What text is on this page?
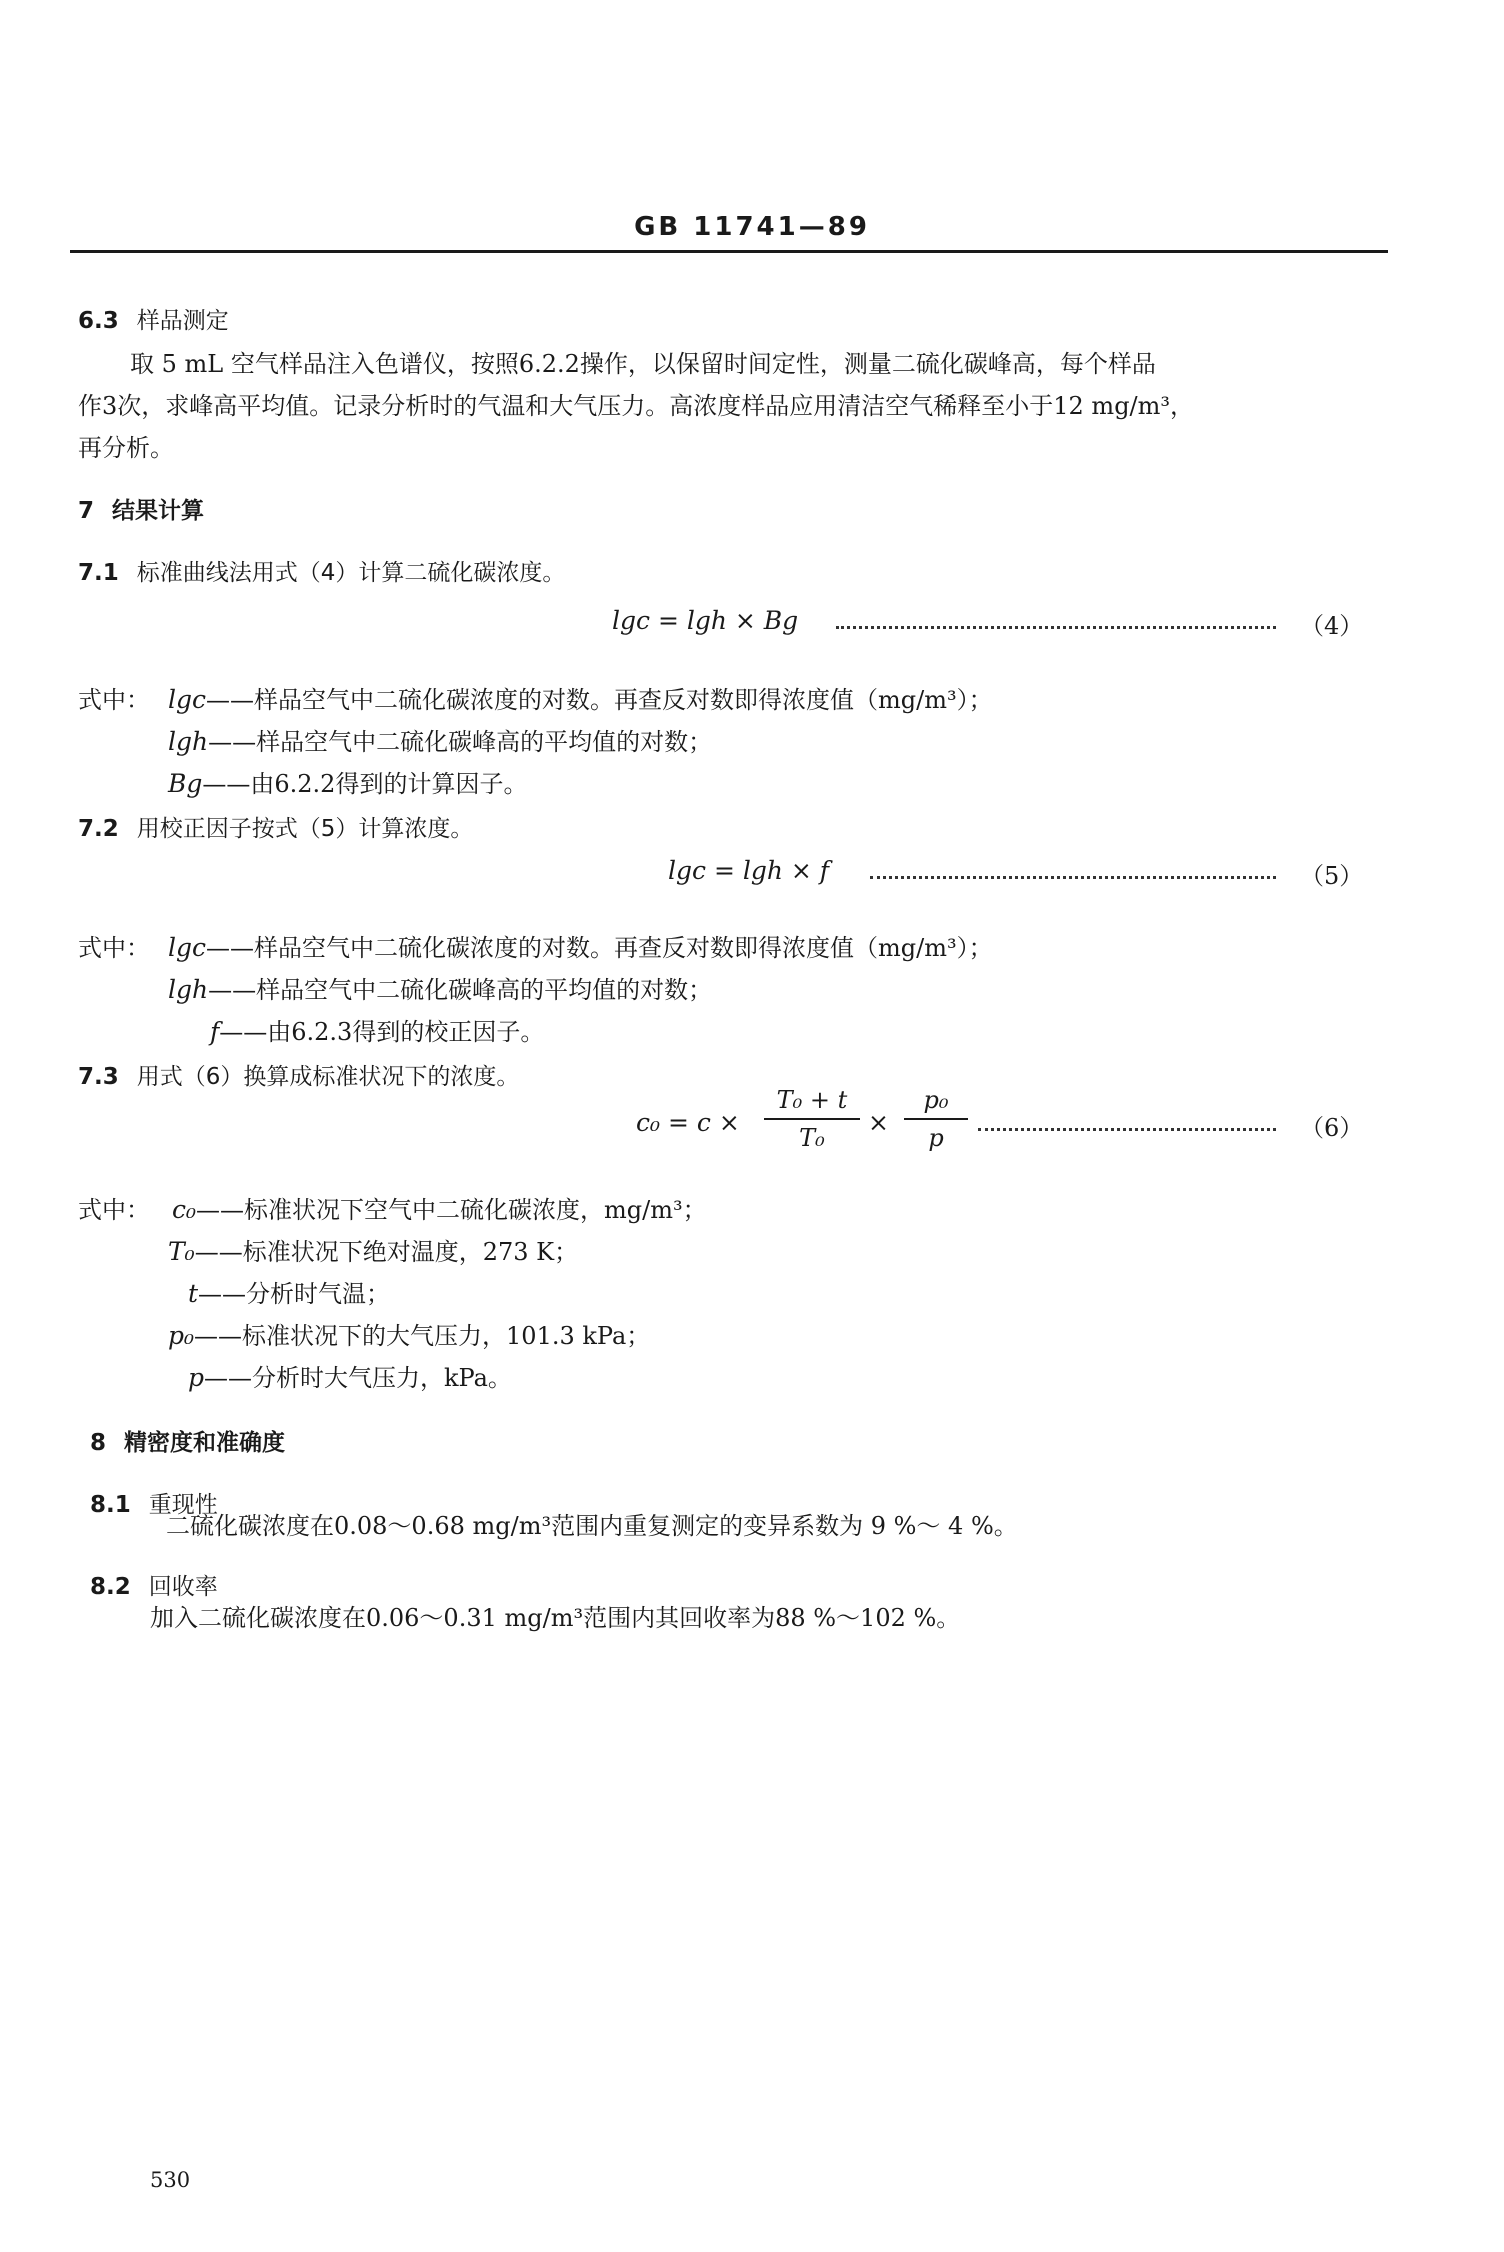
GB 11741—89
6.3 样品测定
取 5 mL 空气样品注入色谱仪，按照6.2.2操作，以保留时间定性，测量二硫化碳峰高，每个样品
作3次，求峰高平均值。记录分析时的气温和大气压力。高浓度样品应用清洁空气稀释至小于12 mg/m³，
再分析。
7 结果计算
7.1 标准曲线法用式（4）计算二硫化碳浓度。
lgc = lgh × Bg	（4）
式中： lgc——样品空气中二硫化碳浓度的对数。再查反对数即得浓度值（mg/m³）；
lgh——样品空气中二硫化碳峰高的平均值的对数；
Bg——由6.2.2得到的计算因子。
7.2 用校正因子按式（5）计算浓度。
lgc = lgh × f	（5）
式中： lgc——样品空气中二硫化碳浓度的对数。再查反对数即得浓度值（mg/m³）；
lgh——样品空气中二硫化碳峰高的平均值的对数；
f——由6.2.3得到的校正因子。
7.3 用式（6）换算成标准状况下的浓度。
c₀ = c ×
T₀ + t
T₀
×
p₀
p	（6）
式中： c₀——标准状况下空气中二硫化碳浓度，mg/m³；
T₀——标准状况下绝对温度，273 K；
t——分析时气温；
p₀——标准状况下的大气压力，101.3 kPa；
p——分析时大气压力，kPa。
8 精密度和准确度
8.1 重现性
二硫化碳浓度在0.08～0.68 mg/m³范围内重复测定的变异系数为 9 %～ 4 %。
8.2 回收率
加入二硫化碳浓度在0.06～0.31 mg/m³范围内其回收率为88 %～102 %。
530
